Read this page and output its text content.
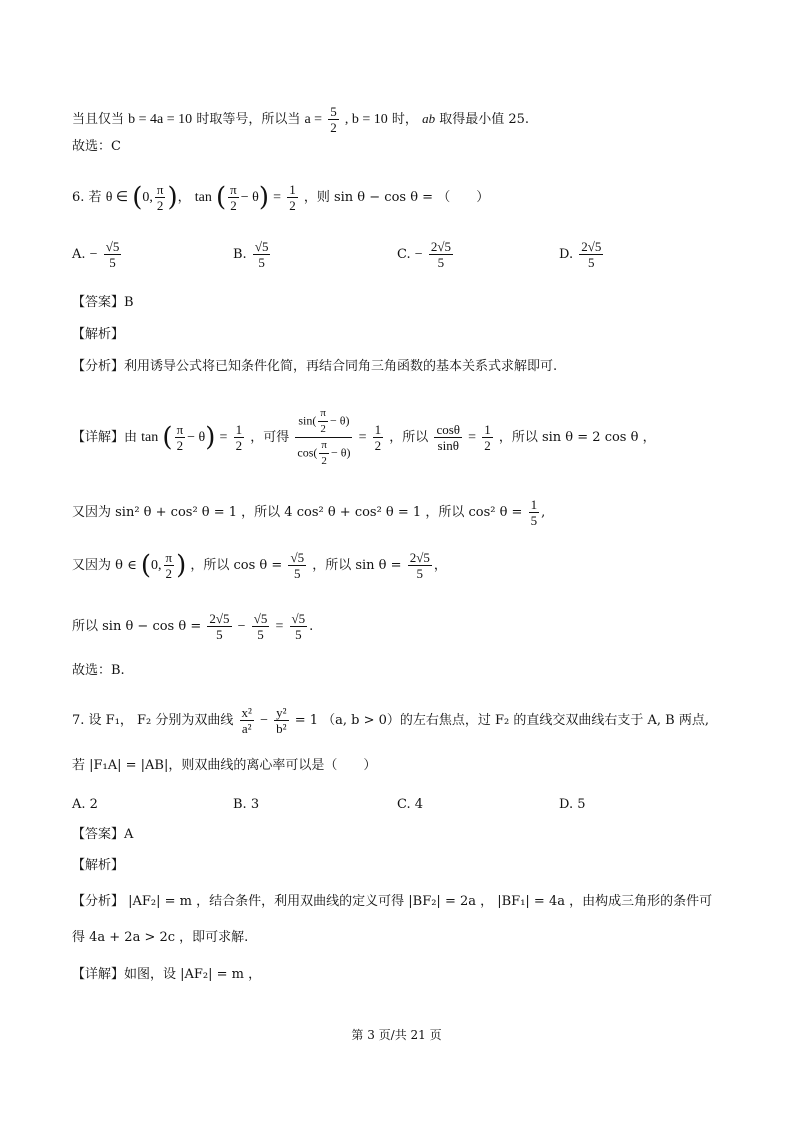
当且仅当 b = 4a = 10 时取等号，所以当 $a = \frac{5}{2}$ , b = 10 时， ab 取得最小值 25.
故选：C
6. 若 θ ∈ (0, $\frac{\pi}{2}$ )， tan ( $\frac{\pi}{2} - \theta) = \frac{1}{2}$ ，则 sin θ − cos θ = （　　）
A. − $\frac{√5}{5}$	B. $\frac{√5}{5}$	C. − $\frac{2√5}{5}$	D. $\frac{2√5}{5}$
【答案】B
【解析】
【分析】利用诱导公式将已知条件化简，再结合同角三角函数的基本关系式求解即可.
【详解】由 tan ( $\frac{\pi}{2} - \theta) = \frac{1}{2}$ ，可得 $\frac{\sin( \frac{\pi}{2} - \theta)}{\cos( \frac{\pi}{2} - \theta)} = \frac{1}{2}$ ，所以 $\frac{\cos\theta}{\sin\theta} = \frac{1}{2}$ ，所以 sin θ = 2 cos θ ，
又因为 sin² θ + cos² θ = 1 ，所以 4 cos² θ + cos² θ = 1 ，所以 cos² $\theta = \frac{1}{5}$ ,
又因为 θ ∈ (0, $\frac{\pi}{2}$ ) ，所以 $\cos \theta = \frac{√5}{5}$ ，所以 $\sin \theta = \frac{2√5}{5}$ ，
所以 $\sin \theta - \cos \theta = \frac{2√5}{5} - \frac{√5}{5} = \frac{√5}{5}$ .
故选：B.
7. 设 F₁， F₂ 分别为双曲线 $\frac{\text{x²}}{\text{a²}} - \frac{\text{y²}}{\text{b²}} = 1$ （a, b > 0）的左右焦点，过 F₂ 的直线交双曲线右支于 A, B 两点,
若 |F₁A| = |AB|，则双曲线的离心率可以是（　　）
A. 2	B. 3	C. 4	D. 5
【答案】A
【解析】
【分析】 |AF₂| = m ，结合条件，利用双曲线的定义可得 |BF₂| = 2a ， |BF₁| = 4a ，由构成三角形的条件可
得 4a + 2a > 2c ，即可求解.
【详解】如图，设 |AF₂| = m ，
第 3 页/共 21 页
